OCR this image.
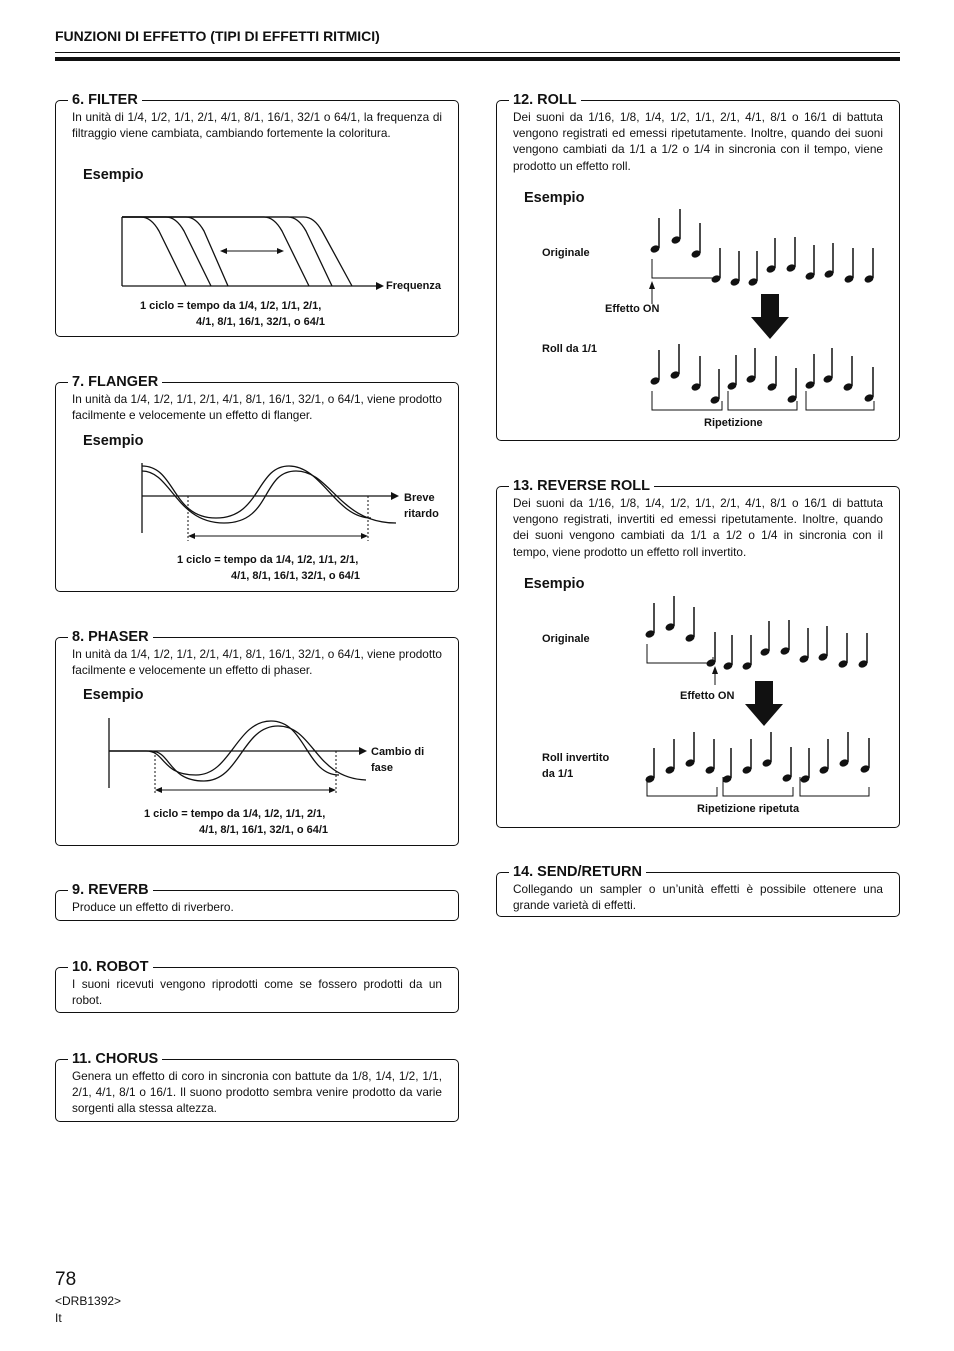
FUNZIONI DI EFFETTO (TIPI DI EFFETTI RITMICI)
6. FILTER
In unità di 1/4, 1/2, 1/1, 2/1, 4/1, 8/1, 16/1, 32/1 o 64/1, la frequenza di filtraggio viene cambiata, cambiando fortemente la coloritura.
Esempio
Frequenza
1 ciclo = tempo da 1/4, 1/2, 1/1, 2/1,
4/1, 8/1, 16/1, 32/1, o 64/1
7. FLANGER
In unità da 1/4, 1/2, 1/1, 2/1, 4/1, 8/1, 16/1, 32/1, o 64/1, viene prodotto facilmente e velocemente un effetto di flanger.
Esempio
Breve
ritardo
1 ciclo = tempo da 1/4, 1/2, 1/1, 2/1,
4/1, 8/1, 16/1, 32/1, o 64/1
8. PHASER
In unità da 1/4, 1/2, 1/1, 2/1, 4/1, 8/1, 16/1, 32/1, o 64/1, viene prodotto facilmente e velocemente un effetto di phaser.
Esempio
Cambio di
fase
1 ciclo = tempo da 1/4, 1/2, 1/1, 2/1,
4/1, 8/1, 16/1, 32/1, o 64/1
9. REVERB
Produce un effetto di riverbero.
10. ROBOT
I suoni ricevuti vengono riprodotti come se fossero prodotti da un robot.
11. CHORUS
Genera un effetto di coro in sincronia con battute da 1/8, 1/4, 1/2, 1/1, 2/1, 4/1, 8/1 o 16/1. Il suono prodotto sembra venire prodotto da varie sorgenti alla stessa altezza.
12. ROLL
Dei suoni da 1/16, 1/8, 1/4, 1/2, 1/1, 2/1, 4/1, 8/1 o 16/1 di battuta vengono registrati ed emessi ripetutamente. Inoltre, quando dei suoni vengono cambiati da 1/1 a 1/2 o 1/4 in sincronia con il tempo, viene prodotto un effetto roll.
Esempio
Originale
Effetto ON
Roll da 1/1
Ripetizione
13. REVERSE ROLL
Dei suoni da 1/16, 1/8, 1/4, 1/2, 1/1, 2/1, 4/1, 8/1 o 16/1 di battuta vengono registrati, invertiti ed emessi ripetutamente. Inoltre, quando dei suoni vengono cambiati da 1/1 a 1/2 o 1/4 in sincronia con il tempo, viene prodotto un effetto roll invertito.
Esempio
Originale
Effetto ON
Roll invertito
da 1/1
Ripetizione ripetuta
14. SEND/RETURN
Collegando un sampler o un’unità effetti è possibile ottenere una grande varietà di effetti.
78
<DRB1392>
It
